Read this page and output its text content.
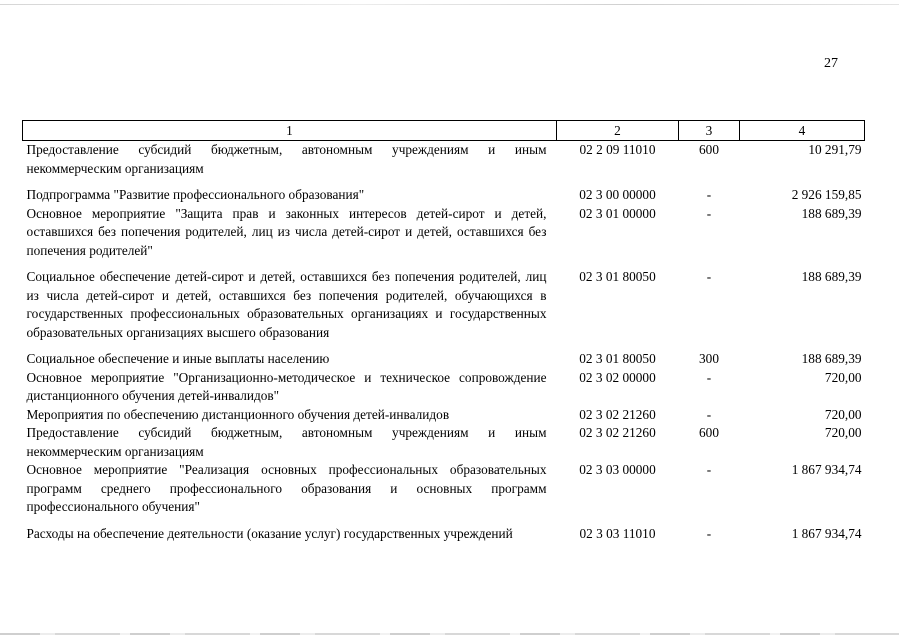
27
1	2	3	4
Предоставление субсидий бюджетным, автономным учреждениям и иным некоммерческим организациям	02 2 09 11010	600	10 291,79
Подпрограмма "Развитие профессионального образования"	02 3 00 00000	-	2 926 159,85
Основное мероприятие "Защита прав и законных интересов детей-сирот и детей, оставшихся без попечения родителей, лиц из числа детей-сирот и детей, оставшихся без попечения родителей"	02 3 01 00000	-	188 689,39
Социальное обеспечение детей-сирот и детей, оставшихся без попечения родителей, лиц из числа детей-сирот и детей, оставшихся без попечения родителей, обучающихся в государственных профессиональных образовательных организациях и государственных образовательных организациях высшего образования	02 3 01 80050	-	188 689,39
Социальное обеспечение и иные выплаты населению	02 3 01 80050	300	188 689,39
Основное мероприятие "Организационно-методическое и техническое сопровождение дистанционного обучения детей-инвалидов"	02 3 02 00000	-	720,00
Мероприятия по обеспечению дистанционного обучения детей-инвалидов	02 3 02 21260	-	720,00
Предоставление субсидий бюджетным, автономным учреждениям и иным некоммерческим организациям	02 3 02 21260	600	720,00
Основное мероприятие "Реализация основных профессиональных образовательных программ среднего профессионального образования и основных программ профессионального обучения"	02 3 03 00000	-	1 867 934,74
Расходы на обеспечение деятельности (оказание услуг) государственных учреждений	02 3 03 11010	-	1 867 934,74
